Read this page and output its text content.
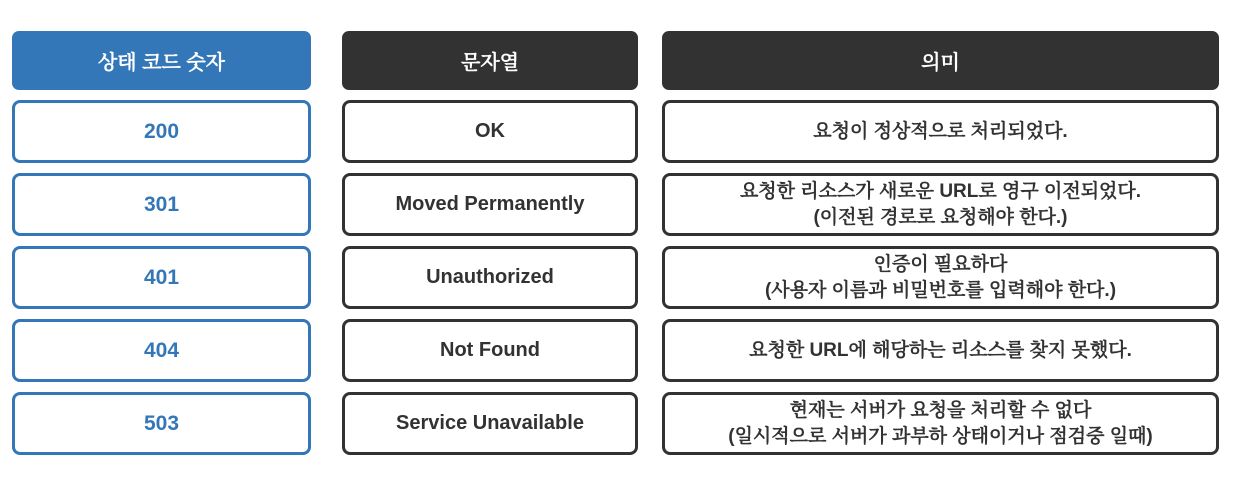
상태 코드 숫자
200
301
401
404
503
문자열
OK
Moved Permanently
Unauthorized
Not Found
Service Unavailable
의미
요청이 정상적으로 처리되었다.
요청한 리소스가 새로운 URL로 영구 이전되었다.
(이전된 경로로 요청해야 한다.)
인증이 필요하다
(사용자 이름과 비밀번호를 입력해야 한다.)
요청한 URL에 해당하는 리소스를 찾지 못했다.
현재는 서버가 요청을 처리할 수 없다
(일시적으로 서버가 과부하 상태이거나 점검중 일때)
